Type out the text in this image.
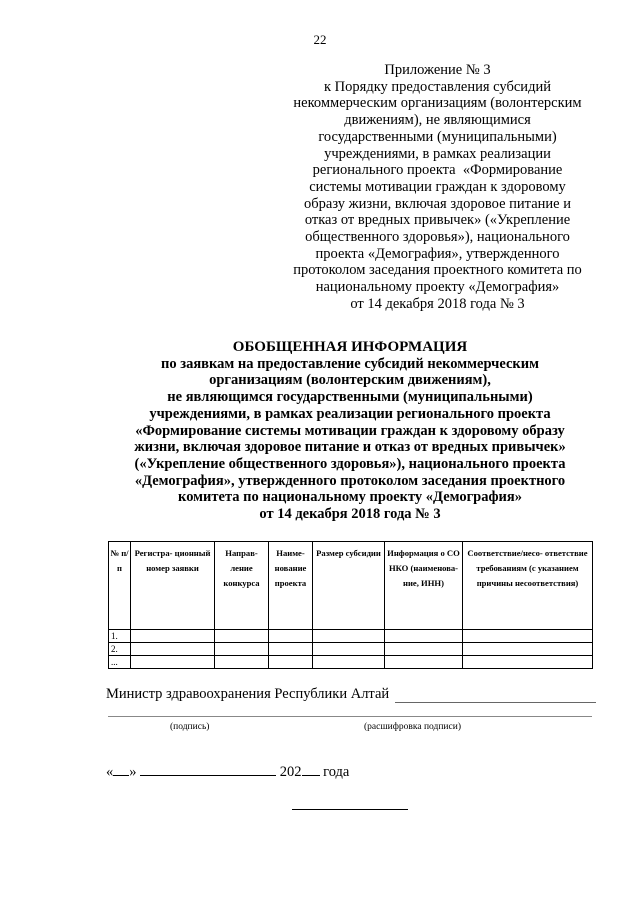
22
Приложение № 3
к Порядку предоставления субсидий
некоммерческим организациям (волонтерским
движениям), не являющимися
государственными (муниципальными)
учреждениями, в рамках реализации
регионального проекта  «Формирование
системы мотивации граждан к здоровому
образу жизни, включая здоровое питание и
отказ от вредных привычек» («Укрепление
общественного здоровья»), национального
проекта «Демография», утвержденного
протоколом заседания проектного комитета по
национальному проекту «Демография»
от 14 декабря 2018 года № 3
ОБОБЩЕННАЯ ИНФОРМАЦИЯ
по заявкам на предоставление субсидий некоммерческим
организациям (волонтерским движениям),
не являющимся государственными (муниципальными)
учреждениями, в рамках реализации регионального проекта
«Формирование системы мотивации граждан к здоровому образу
жизни, включая здоровое питание и отказ от вредных привычек»
(«Укрепление общественного здоровья»), национального проекта
«Демография», утвержденного протоколом заседания проектного
комитета по национальному проекту «Демография»
от 14 декабря 2018 года № 3
№ п/ п	Регистра- ционный номер заявки	Направ- ление конкурса	Наиме- нование проекта	Размер субсидии	Информация о СО НКО (наименова- ние, ИНН)	Соответствие/несо- ответствие требованиям (с указанием причины несоответствия)
1.						
2.						
...						
Министр здравоохранения Республики Алтай
(подпись)	(расшифровка подписи)
« »	202 года
